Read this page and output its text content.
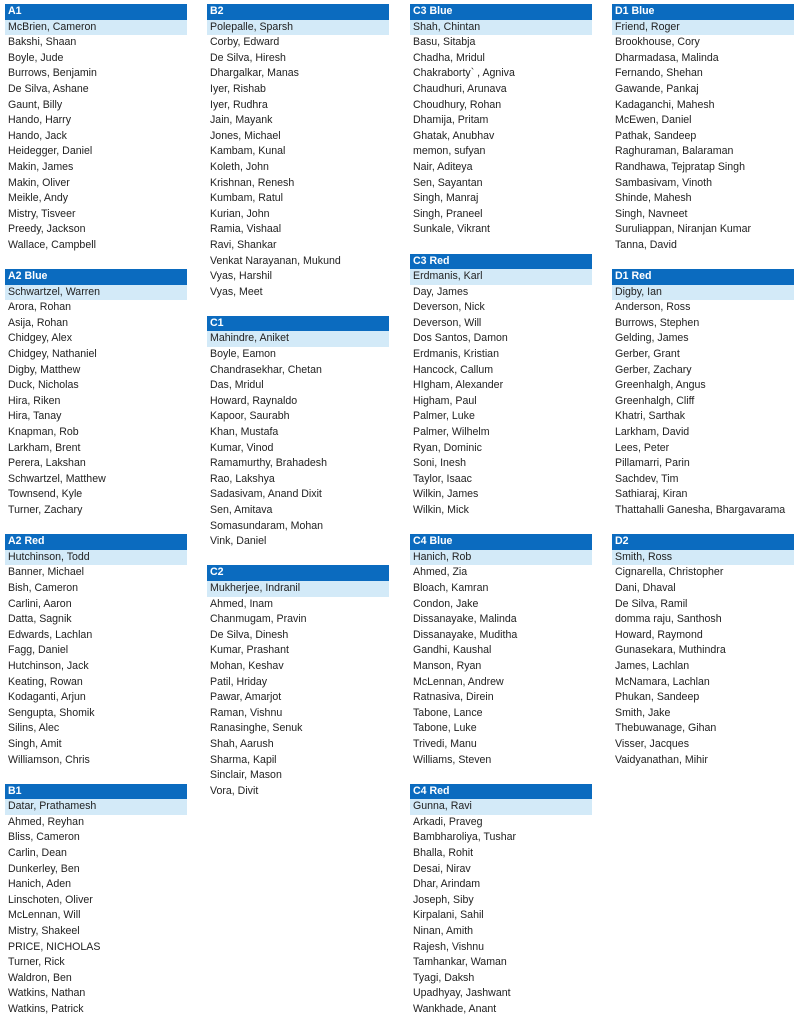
A1
McBrien, Cameron
Bakshi, Shaan
Boyle, Jude
Burrows, Benjamin
De Silva, Ashane
Gaunt, Billy
Hando, Harry
Hando, Jack
Heidegger, Daniel
Makin, James
Makin, Oliver
Meikle, Andy
Mistry, Tisveer
Preedy, Jackson
Wallace, Campbell
A2 Blue
Schwartzel, Warren
Arora, Rohan
Asija, Rohan
Chidgey, Alex
Chidgey, Nathaniel
Digby, Matthew
Duck, Nicholas
Hira, Riken
Hira, Tanay
Knapman, Rob
Larkham, Brent
Perera, Lakshan
Schwartzel, Matthew
Townsend, Kyle
Turner, Zachary
A2 Red
Hutchinson, Todd
Banner, Michael
Bish, Cameron
Carlini, Aaron
Datta, Sagnik
Edwards, Lachlan
Fagg, Daniel
Hutchinson, Jack
Keating, Rowan
Kodaganti, Arjun
Sengupta, Shomik
Silins, Alec
Singh, Amit
Williamson, Chris
B1
Datar, Prathamesh
Ahmed, Reyhan
Bliss, Cameron
Carlin, Dean
Dunkerley, Ben
Hanich, Aden
Linschoten, Oliver
McLennan, Will
Mistry, Shakeel
PRICE, NICHOLAS
Turner, Rick
Waldron, Ben
Watkins, Nathan
Watkins, Patrick
B2
Polepalle, Sparsh
Corby, Edward
De Silva, Hiresh
Dhargalkar, Manas
Iyer, Rishab
Iyer, Rudhra
Jain, Mayank
Jones, Michael
Kambam, Kunal
Koleth, John
Krishnan, Renesh
Kumbam, Ratul
Kurian, John
Ramia, Vishaal
Ravi, Shankar
Venkat Narayanan, Mukund
Vyas, Harshil
Vyas, Meet
C1
Mahindre, Aniket
Boyle, Eamon
Chandrasekhar, Chetan
Das, Mridul
Howard, Raynaldo
Kapoor, Saurabh
Khan, Mustafa
Kumar, Vinod
Ramamurthy, Brahadesh
Rao, Lakshya
Sadasivam, Anand Dixit
Sen, Amitava
Somasundaram, Mohan
Vink, Daniel
C2
Mukherjee, Indranil
Ahmed, Inam
Chanmugam, Pravin
De Silva, Dinesh
Kumar, Prashant
Mohan, Keshav
Patil, Hriday
Pawar, Amarjot
Raman, Vishnu
Ranasinghe, Senuk
Shah, Aarush
Sharma, Kapil
Sinclair, Mason
Vora, Divit
C3 Blue
Shah, Chintan
Basu, Sitabja
Chadha, Mridul
Chakraborty` , Agniva
Chaudhuri, Arunava
Choudhury, Rohan
Dhamija, Pritam
Ghatak, Anubhav
memon, sufyan
Nair, Aditeya
Sen, Sayantan
Singh, Manraj
Singh, Praneel
Sunkale, Vikrant
C3 Red
Erdmanis, Karl
Day, James
Deverson, Nick
Deverson, Will
Dos Santos, Damon
Erdmanis, Kristian
Hancock, Callum
HIgham, Alexander
Higham, Paul
Palmer, Luke
Palmer, Wilhelm
Ryan, Dominic
Soni, Inesh
Taylor, Isaac
Wilkin, James
Wilkin, Mick
C4 Blue
Hanich, Rob
Ahmed, Zia
Bloach, Kamran
Condon, Jake
Dissanayake, Malinda
Dissanayake, Muditha
Gandhi, Kaushal
Manson, Ryan
McLennan, Andrew
Ratnasiva, Direin
Tabone, Lance
Tabone, Luke
Trivedi, Manu
Williams, Steven
C4 Red
Gunna, Ravi
Arkadi, Praveg
Bambharoliya, Tushar
Bhalla, Rohit
Desai, Nirav
Dhar, Arindam
Joseph, Siby
Kirpalani, Sahil
Ninan, Amith
Rajesh, Vishnu
Tamhankar, Waman
Tyagi, Daksh
Upadhyay, Jashwant
Wankhade, Anant
D1 Blue
Friend, Roger
Brookhouse, Cory
Dharmadasa, Malinda
Fernando, Shehan
Gawande, Pankaj
Kadaganchi, Mahesh
McEwen, Daniel
Pathak, Sandeep
Raghuraman, Balaraman
Randhawa, Tejpratap Singh
Sambasivam, Vinoth
Shinde, Mahesh
Singh, Navneet
Suruliappan, Niranjan Kumar
Tanna, David
D1 Red
Digby, Ian
Anderson, Ross
Burrows, Stephen
Gelding, James
Gerber, Grant
Gerber, Zachary
Greenhalgh, Angus
Greenhalgh, Cliff
Khatri, Sarthak
Larkham, David
Lees, Peter
Pillamarri, Parin
Sachdev, Tim
Sathiaraj, Kiran
Thattahalli Ganesha, Bhargavarama
D2
Smith, Ross
Cignarella, Christopher
Dani, Dhaval
De Silva, Ramil
domma raju, Santhosh
Howard, Raymond
Gunasekara, Muthindra
James, Lachlan
McNamara, Lachlan
Phukan, Sandeep
Smith, Jake
Thebuwanage, Gihan
Visser, Jacques
Vaidyanathan, Mihir
